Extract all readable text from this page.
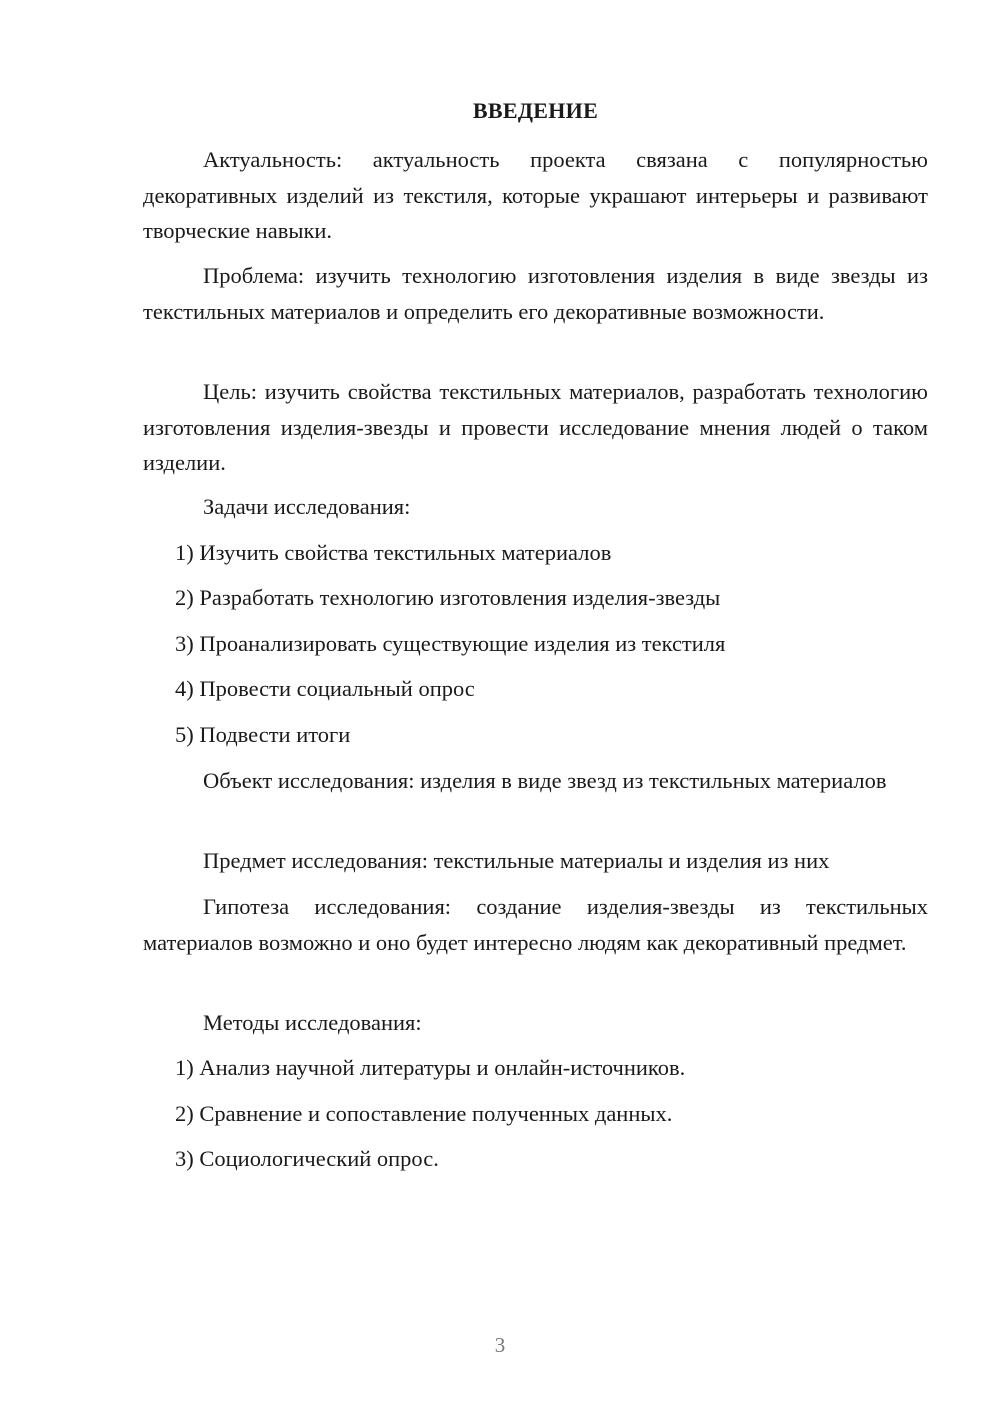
ВВЕДЕНИЕ

Актуальность: актуальность проекта связана с популярностью декоративных изделий из текстиля, которые украшают интерьеры и развивают творческие навыки.

Проблема: изучить технологию изготовления изделия в виде звезды из текстильных материалов и определить его декоративные возможности.

Цель: изучить свойства текстильных материалов, разработать технологию изготовления изделия-звезды и провести исследование мнения людей о таком изделии.

Задачи исследования:

1) Изучить свойства текстильных материалов

2) Разработать технологию изготовления изделия-звезды

3) Проанализировать существующие изделия из текстиля

4) Провести социальный опрос

5) Подвести итоги

Объект исследования: изделия в виде звезд из текстильных материалов

Предмет исследования: текстильные материалы и изделия из них

Гипотеза исследования: создание изделия-звезды из текстильных материалов возможно и оно будет интересно людям как декоративный предмет.

Методы исследования:

1) Анализ научной литературы и онлайн-источников.

2) Сравнение и сопоставление полученных данных.

3) Социологический опрос.

3
